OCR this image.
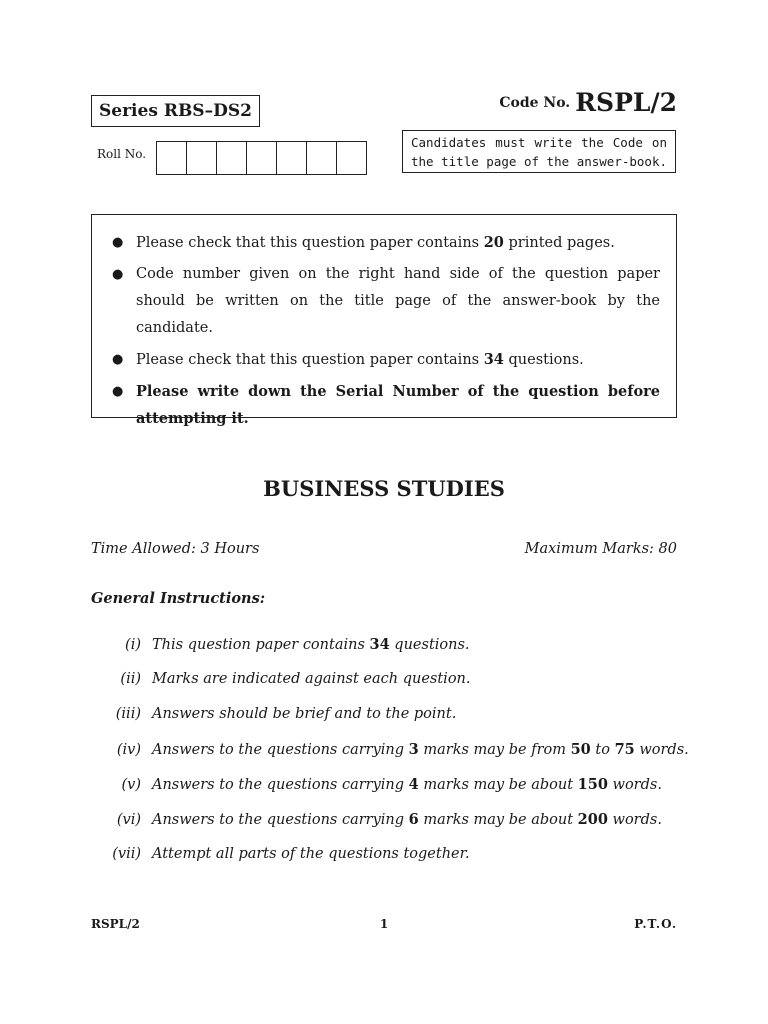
Series RBS–DS2	Code No. RSPL/2
Roll No.
Candidates must write the Code on the title page of the answer-book.
● Please check that this question paper contains 20 printed pages.
● Code number given on the right hand side of the question paper should be written on the title page of the answer-book by the candidate.
● Please check that this question paper contains 34 questions.
● Please write down the Serial Number of the question before attempting it.
BUSINESS STUDIES
Time Allowed: 3 Hours	Maximum Marks: 80
General Instructions:
(i) This question paper contains 34 questions.
(ii) Marks are indicated against each question.
(iii) Answers should be brief and to the point.
(iv) Answers to the questions carrying 3 marks may be from 50 to 75 words.
(v) Answers to the questions carrying 4 marks may be about 150 words.
(vi) Answers to the questions carrying 6 marks may be about 200 words.
(vii) Attempt all parts of the questions together.
RSPL/2	1	P.T.O.
